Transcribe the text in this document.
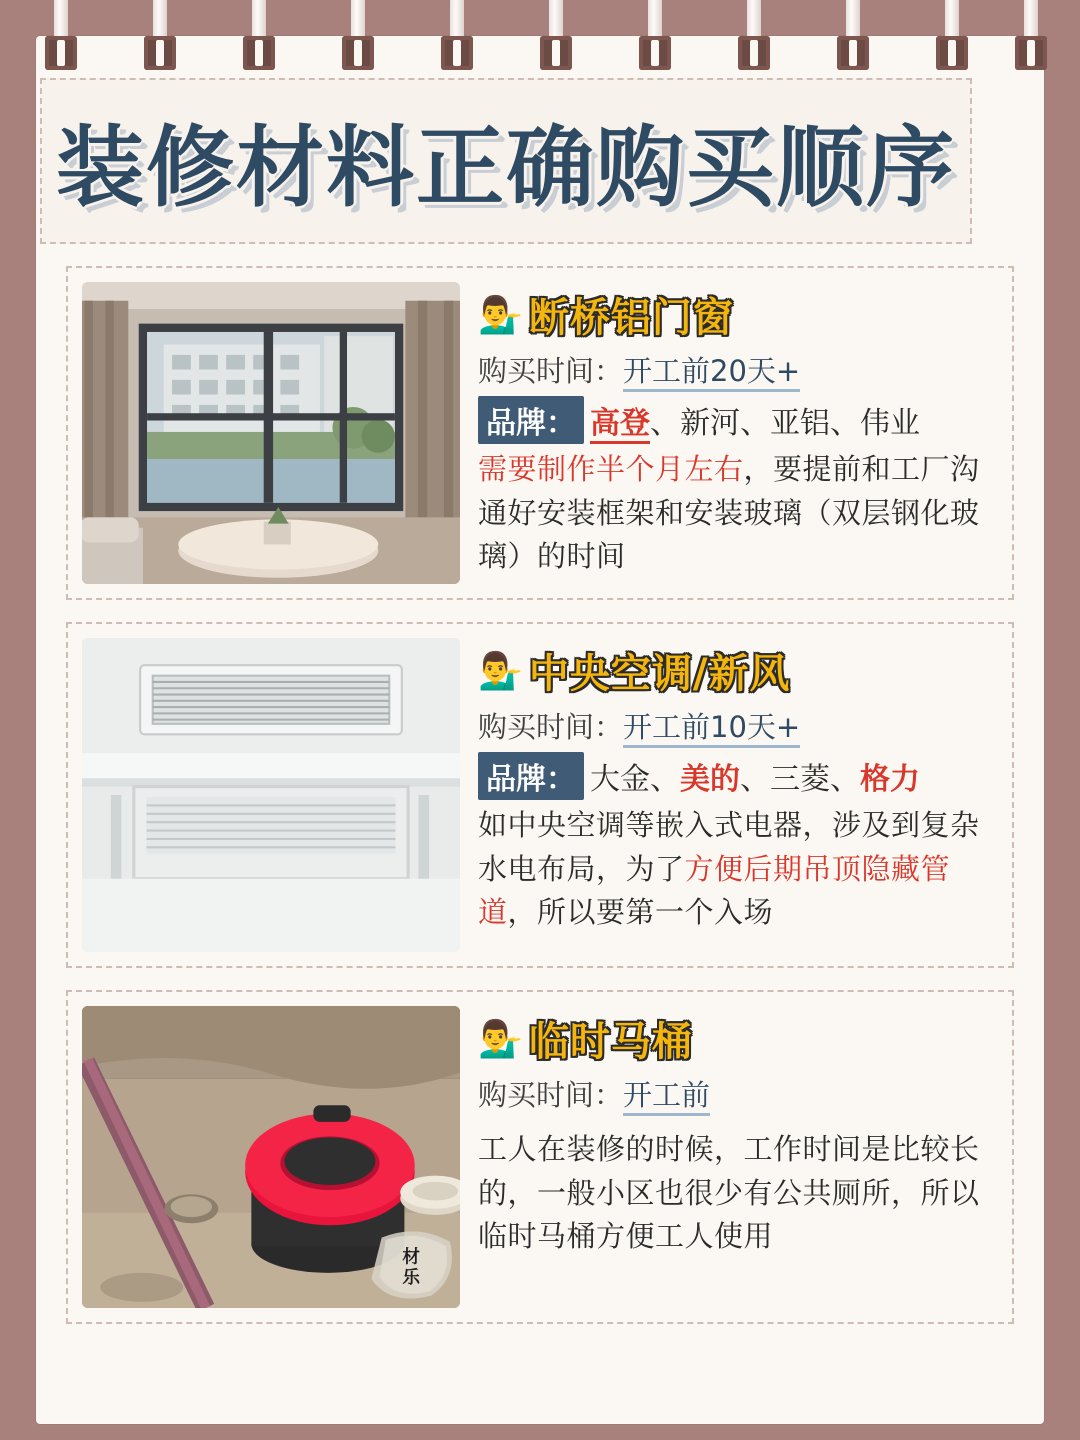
装修材料正确购买顺序
💁‍♂️ 断桥铝门窗
购买时间：开工前20天+
品牌： 高登、新河、亚铝、伟业
需要制作半个月左右，要提前和工厂沟通好安装框架和安装玻璃（双层钢化玻璃）的时间
💁‍♂️ 中央空调/新风
购买时间：开工前10天+
品牌： 大金、美的、三菱、格力
如中央空调等嵌入式电器，涉及到复杂水电布局，为了方便后期吊顶隐藏管道，所以要第一个入场
材
乐
💁‍♂️ 临时马桶
购买时间：开工前
工人在装修的时候，工作时间是比较长的，一般小区也很少有公共厕所，所以临时马桶方便工人使用
